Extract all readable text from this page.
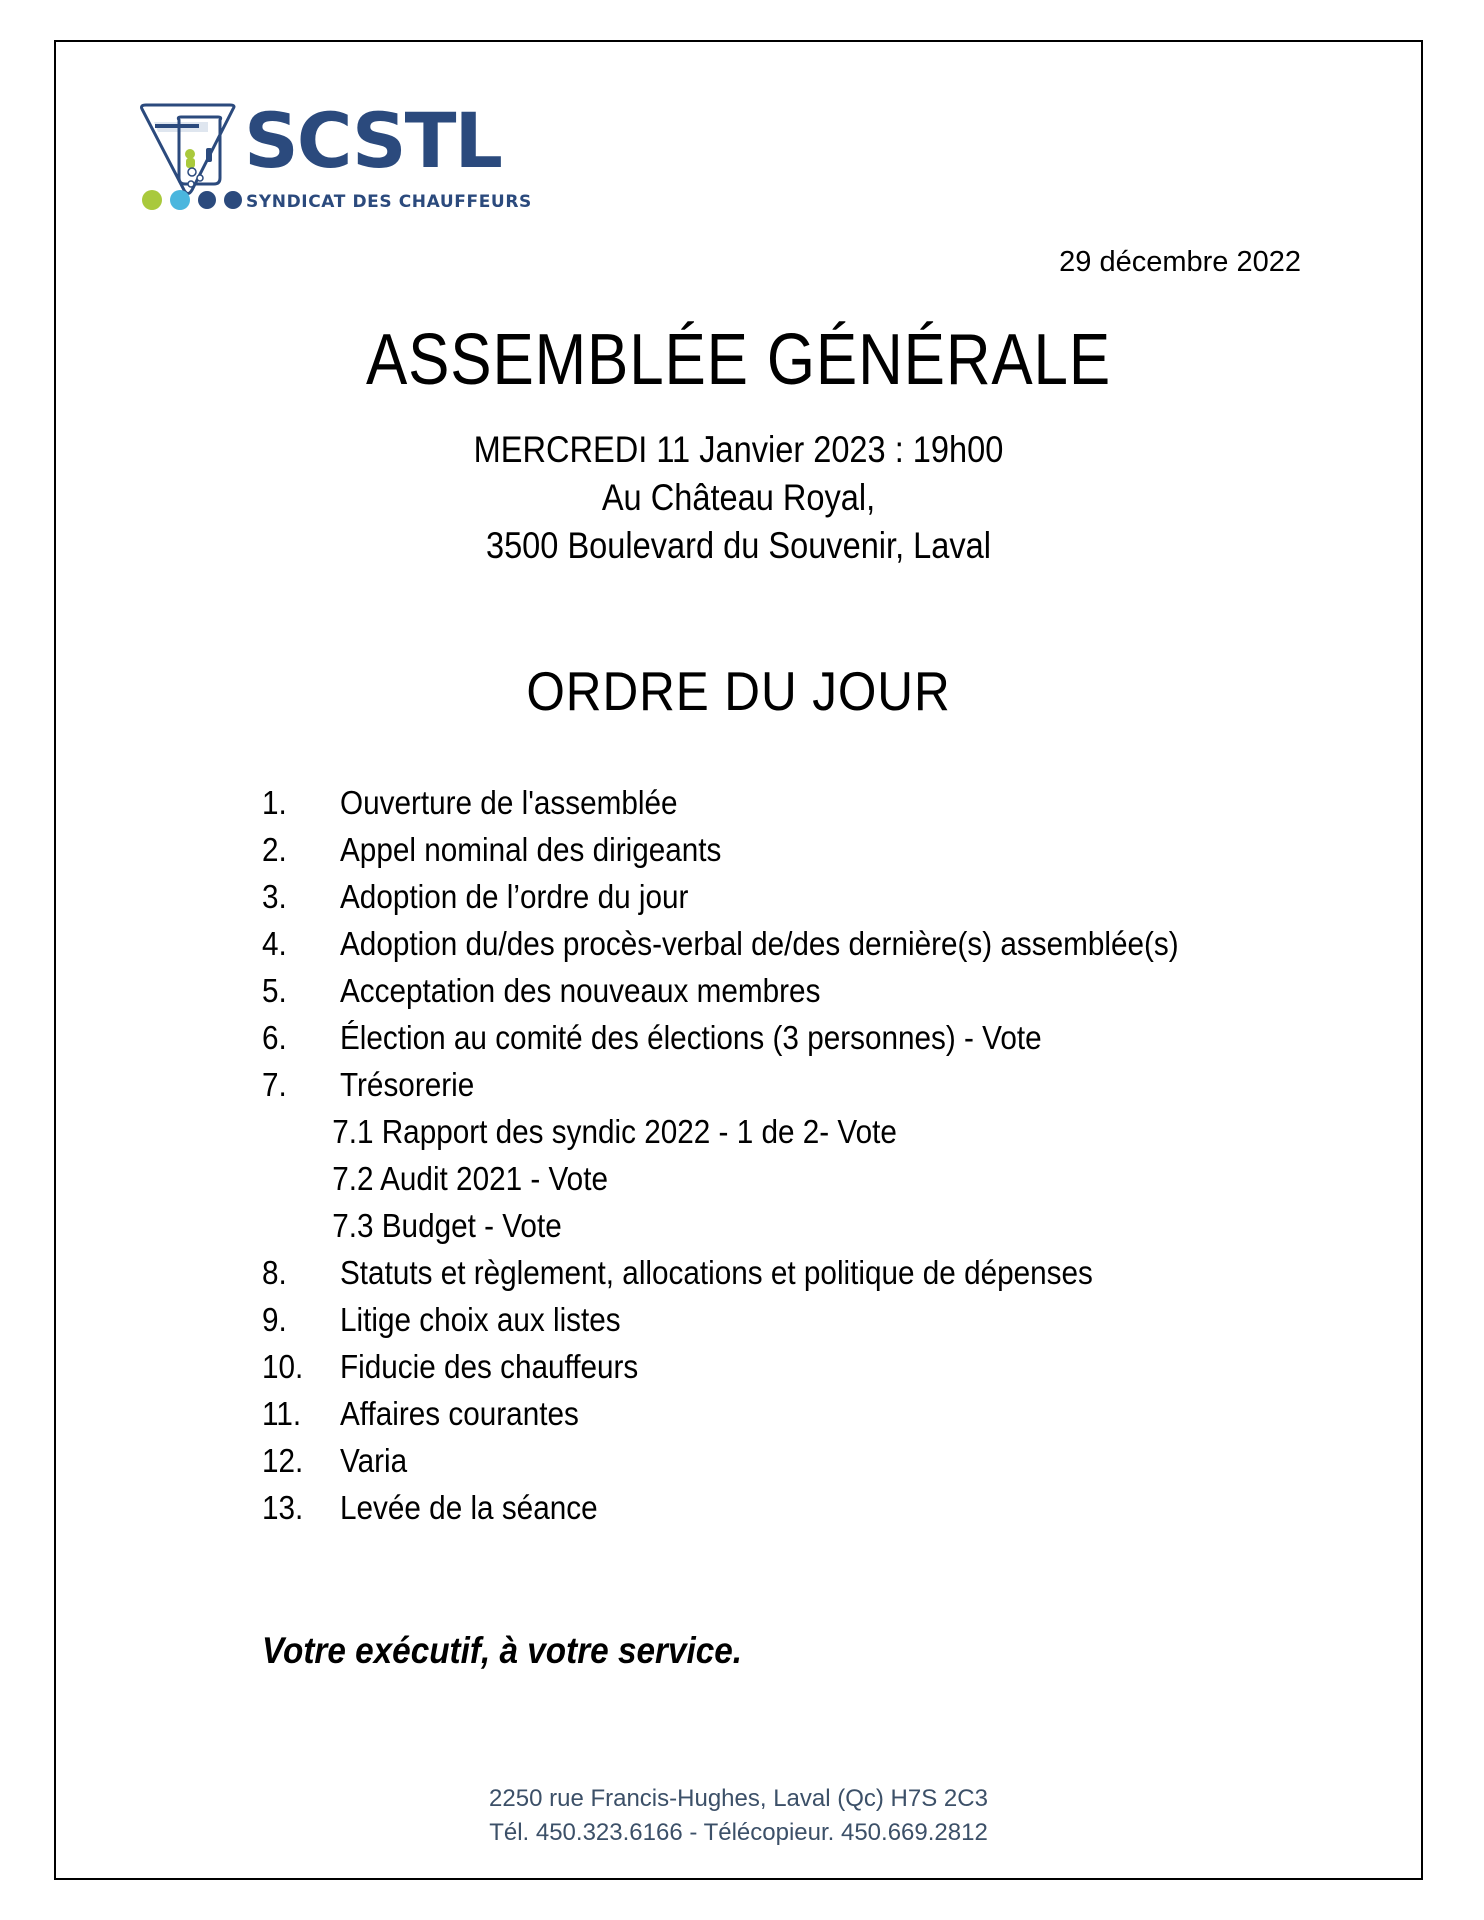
SCSTL
SYNDICAT DES CHAUFFEURS
29 décembre 2022
ASSEMBLÉE GÉNÉRALE
MERCREDI 11 Janvier 2023 : 19h00
Au Château Royal,
3500 Boulevard du Souvenir, Laval
ORDRE DU JOUR
1.	Ouverture de l'assemblée
2.	Appel nominal des dirigeants
3.	Adoption de l’ordre du jour
4.	Adoption du/des procès-verbal de/des dernière(s) assemblée(s)
5.	Acceptation des nouveaux membres
6.	Élection au comité des élections (3 personnes) - Vote
7.	Trésorerie
7.1 Rapport des syndic 2022 - 1 de 2- Vote
7.2 Audit 2021 - Vote
7.3 Budget - Vote
8.	Statuts et règlement, allocations et politique de dépenses
9.	Litige choix aux listes
10.	Fiducie des chauffeurs
11.	Affaires courantes
12.	Varia
13.	Levée de la séance
Votre exécutif, à votre service.
2250 rue Francis-Hughes, Laval (Qc) H7S 2C3
Tél. 450.323.6166 - Télécopieur. 450.669.2812
